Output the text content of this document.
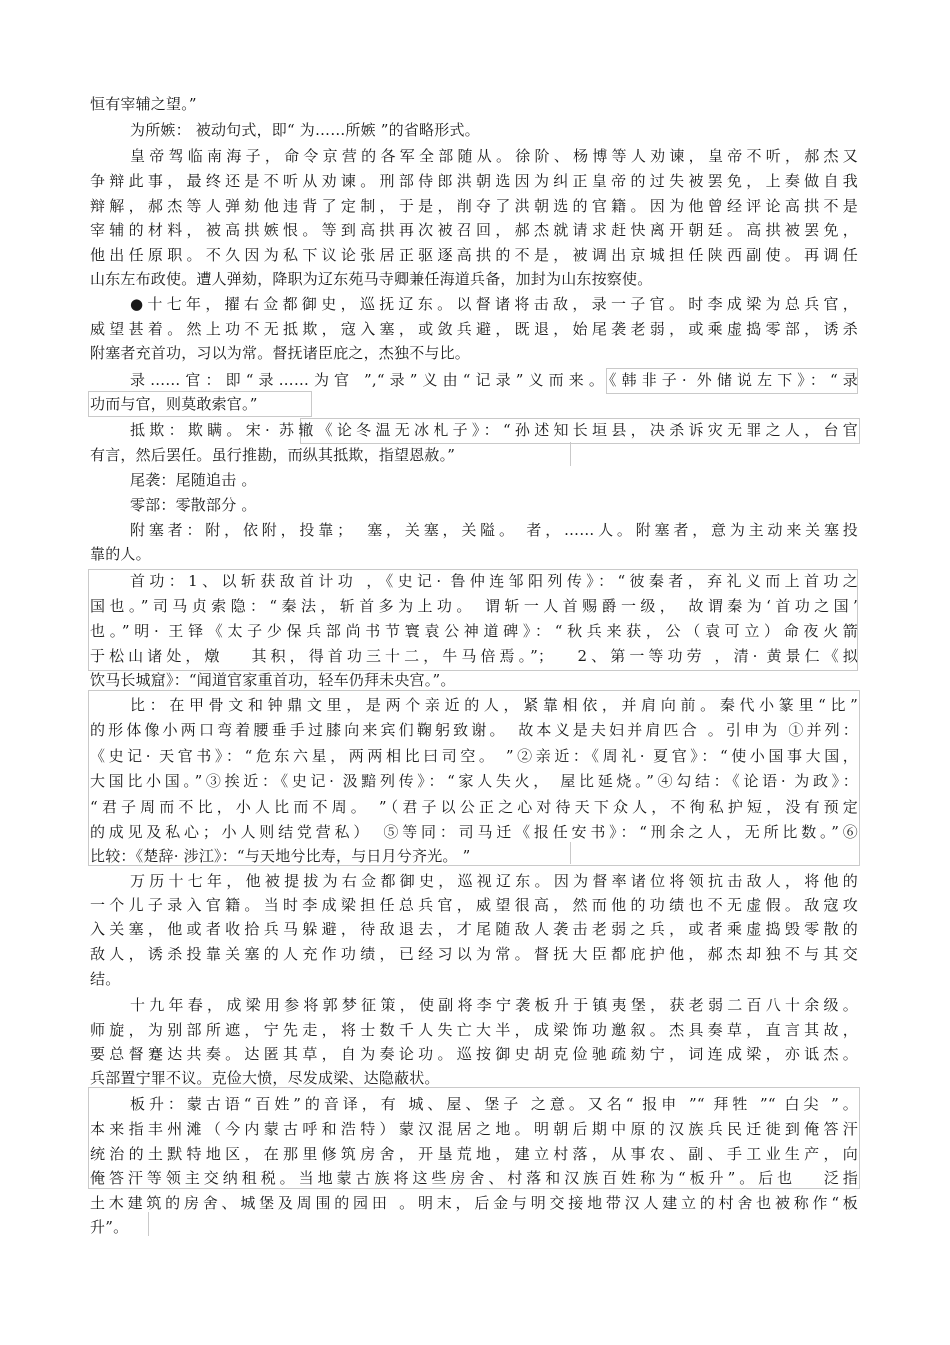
恒有宰辅之望。”
为所嫉： 被动句式，即“ 为……所嫉 ”的省略形式。
皇帝驾临南海子，命令京营的各军全部随从。徐阶、杨博等人劝谏，皇帝不听，郝杰又
争辩此事，最终还是不听从劝谏。刑部侍郎洪朝选因为纠正皇帝的过失被罢免，上奏做自我
辩解，郝杰等人弹劾他违背了定制，于是，削夺了洪朝选的官籍。因为他曾经评论高拱不是
宰辅的材料，被高拱嫉恨。等到高拱再次被召回，郝杰就请求赶快离开朝廷。高拱被罢免，
他出任原职。不久因为私下议论张居正驱逐高拱的不是，被调出京城担任陕西副使。再调任
山东左布政使。遭人弹劾，降职为辽东苑马寺卿兼任海道兵备，加封为山东按察使。
●十七年，擢右佥都御史，巡抚辽东。以督诸将击敌，录一子官。时李成梁为总兵官，
威望甚着。然上功不无抵欺，寇入塞，或敛兵避，既退，始尾袭老弱，或乘虚捣零部，诱杀
附塞者充首功，习以为常。督抚诸臣庇之，杰独不与比。
录……官：即“录……为官 ”,“录”义由“记录”义而来。《韩非子· 外储说左下》：“录
功而与官，则莫敢索官。”
抵欺：欺瞒。宋· 苏辙《论冬温无冰札子》：“孙述知长垣县，决杀诉灾无罪之人，台官
有言，然后罢任。虽行推勘，而纵其抵欺，指望恩赦。”
尾袭：尾随追击 。
零部：零散部分 。
附塞者：附，依附，投靠；　塞，关塞，关隘。 者，……人。附塞者，意为主动来关塞投
靠的人。
首功：1、以斩获敌首计功 ，《史记· 鲁仲连邹阳列传》：“彼秦者，弃礼义而上首功之
国也。”司马贞索隐：“秦法，斩首多为上功。 谓斩一人首赐爵一级， 故谓秦为‘首功之国’
也。”明· 王铎《太子少保兵部尚书节寰袁公神道碑》：“秋兵来获，公（袁可立）命夜火箭
于松山诸处，燉　 其积，得首功三十二，牛马倍焉。”；　 2、第一等功劳 ，清· 黄景仁《拟
饮马长城窟》：“闻道官家重首功，轻车仍拜未央宫。”。
比：在甲骨文和钟鼎文里，是两个亲近的人，紧靠相依，并肩向前。秦代小篆里“比”
的形体像小两口弯着腰垂手过膝向来宾们鞠躬致谢。　故本义是夫妇并肩匹合 。引申为 ①并列：
《史记· 天官书》：“危东六星，两两相比曰司空。 ”②亲近：《周礼· 夏官》：“使小国事大国，
大国比小国。”③挨近：《史记· 汲黯列传》：“家人失火， 屋比延烧。”④勾结：《论语· 为政》：
“君子周而不比，小人比而不周。 ”（君子以公正之心对待天下众人，不徇私护短，没有预定
的成见及私心；小人则结党营私）　⑤等同：司马迁《报任安书》：“刑余之人，无所比数。”⑥
比较：《楚辞· 涉江》：“与天地兮比寿，与日月兮齐光。 ”
万历十七年，他被提拔为右佥都御史，巡视辽东。因为督率诸位将领抗击敌人，将他的
一个儿子录入官籍。当时李成梁担任总兵官，威望很高，然而他的功绩也不无虚假。敌寇攻
入关塞，他或者收拾兵马躲避，待敌退去，才尾随敌人袭击老弱之兵，或者乘虚捣毁零散的
敌人，诱杀投靠关塞的人充作功绩，已经习以为常。督抚大臣都庇护他，郝杰却独不与其交
结。
十九年春，成梁用参将郭梦征策，使副将李宁袭板升于镇夷堡，获老弱二百八十余级。
师旋，为别部所遮，宁先走，将士数千人失亡大半，成梁饰功邀叙。杰具奏草，直言其故，
要总督蹇达共奏。达匿其草，自为奏论功。巡按御史胡克俭驰疏劾宁，词连成梁，亦诋杰。
兵部置宁罪不议。克俭大愤，尽发成梁、达隐蔽状。
板升：蒙古语“百姓”的音译，有 城、屋、堡子 之意。又名“ 报申 ”“ 拜牲 ”“ 白尖 ”。
本来指丰州滩（今内蒙古呼和浩特）蒙汉混居之地。明朝后期中原的汉族兵民迁徙到俺答汗
统治的土默特地区，在那里修筑房舍，开垦荒地，建立村落，从事农、副、手工业生产，向
俺答汗等领主交纳租税。当地蒙古族将这些房舍、村落和汉族百姓称为“板升”。后也　 泛指
土木建筑的房舍、城堡及周围的园田 。明末，后金与明交接地带汉人建立的村舍也被称作“板
升”。
